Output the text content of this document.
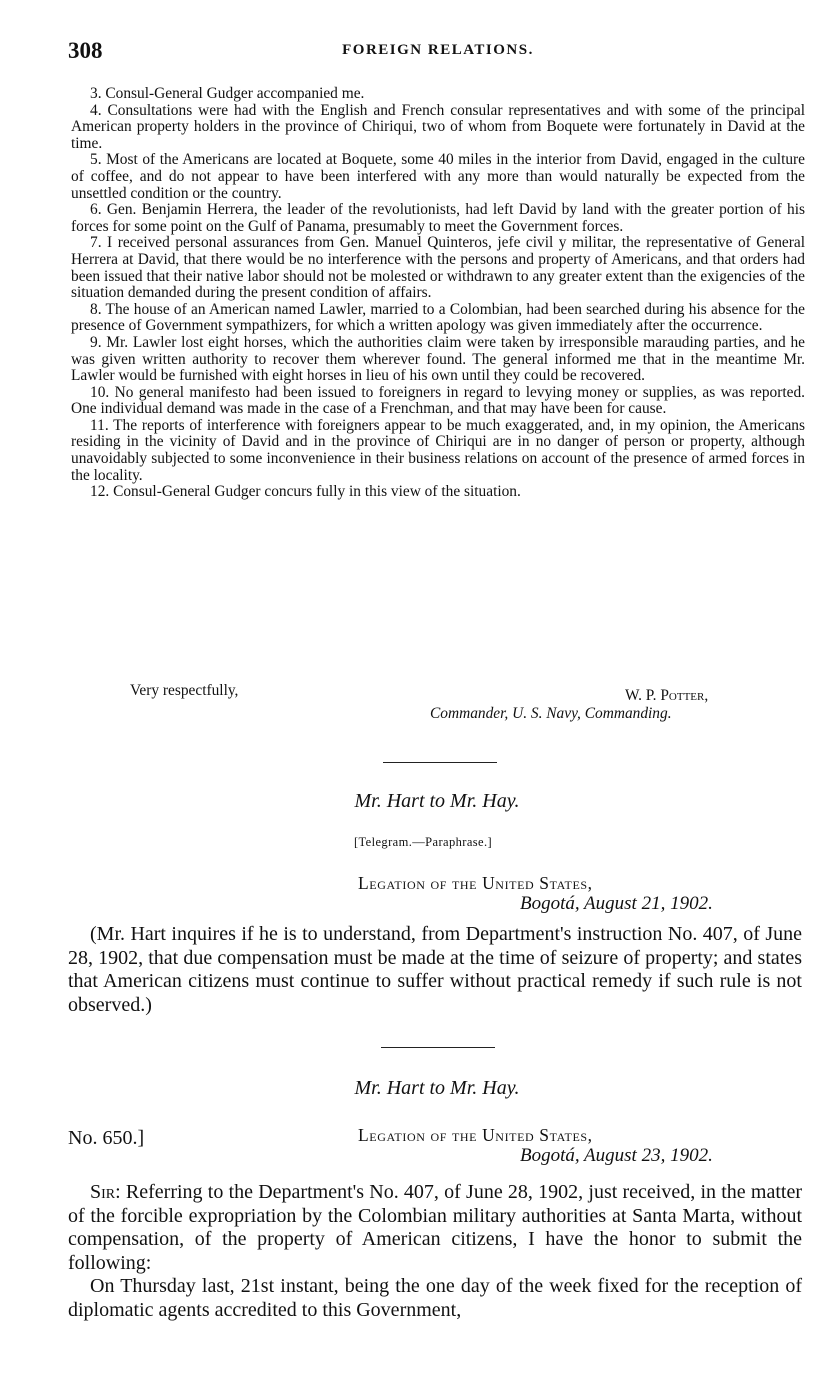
308	FOREIGN RELATIONS.

3. Consul-General Gudger accompanied me.

4. Consultations were had with the English and French consular representatives and with some of the principal American property holders in the province of Chiriqui, two of whom from Boquete were fortunately in David at the time.

5. Most of the Americans are located at Boquete, some 40 miles in the interior from David, engaged in the culture of coffee, and do not appear to have been interfered with any more than would naturally be expected from the unsettled condition or the country.

6. Gen. Benjamin Herrera, the leader of the revolutionists, had left David by land with the greater portion of his forces for some point on the Gulf of Panama, presumably to meet the Government forces.

7. I received personal assurances from Gen. Manuel Quinteros, jefe civil y militar, the representative of General Herrera at David, that there would be no interference with the persons and property of Americans, and that orders had been issued that their native labor should not be molested or withdrawn to any greater extent than the exigencies of the situation demanded during the present condition of affairs.

8. The house of an American named Lawler, married to a Colombian, had been searched during his absence for the presence of Government sympathizers, for which a written apology was given immediately after the occurrence.

9. Mr. Lawler lost eight horses, which the authorities claim were taken by irresponsible marauding parties, and he was given written authority to recover them wherever found. The general informed me that in the meantime Mr. Lawler would be furnished with eight horses in lieu of his own until they could be recovered.

10. No general manifesto had been issued to foreigners in regard to levying money or supplies, as was reported. One individual demand was made in the case of a Frenchman, and that may have been for cause.

11. The reports of interference with foreigners appear to be much exaggerated, and, in my opinion, the Americans residing in the vicinity of David and in the province of Chiriqui are in no danger of person or property, although unavoidably subjected to some inconvenience in their business relations on account of the presence of armed forces in the locality.

12. Consul-General Gudger concurs fully in this view of the situation.

Very respectfully,	W. P. Potter,
Commander, U. S. Navy, Commanding.
Mr. Hart to Mr. Hay.
[Telegram.—Paraphrase.]
Legation of the United States,
Bogotá, August 21, 1902.

(Mr. Hart inquires if he is to understand, from Department's instruction No. 407, of June 28, 1902, that due compensation must be made at the time of seizure of property; and states that American citizens must continue to suffer without practical remedy if such rule is not observed.)

Mr. Hart to Mr. Hay.
No. 650.]	Legation of the United States,
Bogotá, August 23, 1902.

Sir: Referring to the Department's No. 407, of June 28, 1902, just received, in the matter of the forcible expropriation by the Colombian military authorities at Santa Marta, without compensation, of the property of American citizens, I have the honor to submit the following:

On Thursday last, 21st instant, being the one day of the week fixed for the reception of diplomatic agents accredited to this Government,
